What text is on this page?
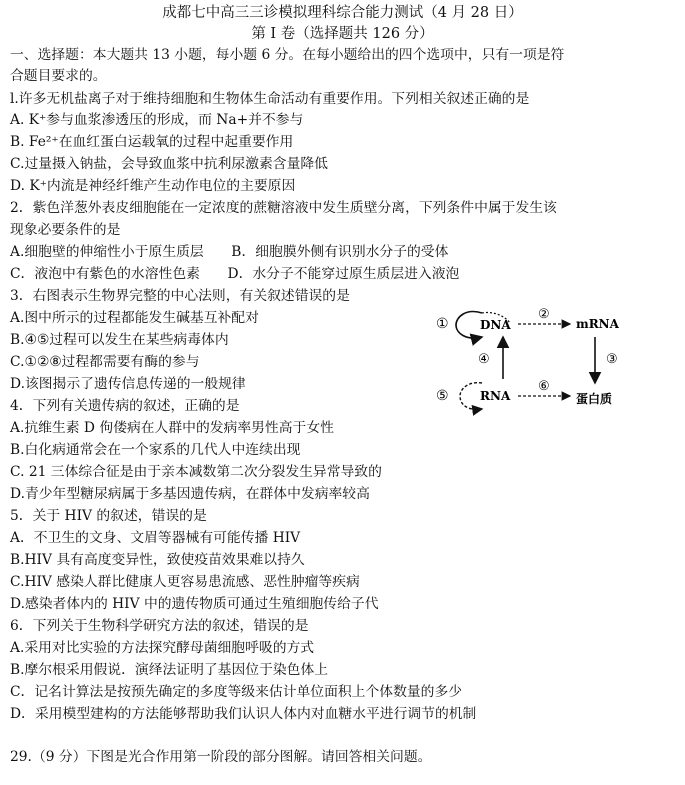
成都七中高三三诊模拟理科综合能力测试（4 月 28 日）
第 I 卷（选择题共 126 分）
一、选择题：本大题共 13 小题，每小题 6 分。在每小题给出的四个选项中，只有一项是符
合题目要求的。
l.许多无机盐离子对于维持细胞和生物体生命活动有重要作用。下列相关叙述正确的是
A. K⁺参与血浆渗透压的形成，而 Na+并不参与
B. Fe²⁺在血红蛋白运载氧的过程中起重要作用
C.过量摄入钠盐，会导致血浆中抗利尿激素含量降低
D. K⁺内流是神经纤维产生动作电位的主要原因
2．紫色洋葱外表皮细胞能在一定浓度的蔗糖溶液中发生质壁分离，下列条件中属于发生该
现象必要条件的是
A.细胞壁的伸缩性小于原生质层　　B．细胞膜外侧有识别水分子的受体
C．液泡中有紫色的水溶性色素　　D．水分子不能穿过原生质层进入液泡
3．右图表示生物界完整的中心法则，有关叙述错误的是
A.图中所示的过程都能发生碱基互补配对
B.④⑤过程可以发生在某些病毒体内
C.①②⑧过程都需要有酶的参与
D.该图揭示了遗传信息传递的一般规律
①	DNA
②
mRNA
④	③
⑤	RNA
⑥
蛋白质
4．下列有关遗传病的叙述，正确的是
A.抗维生素 D 佝偻病在人群中的发病率男性高于女性
B.白化病通常会在一个家系的几代人中连续出现
C. 21 三体综合征是由于亲本减数第二次分裂发生异常导致的
D.青少年型糖尿病属于多基因遗传病，在群体中发病率较高
5．关于 HIV 的叙述，错误的是
A．不卫生的文身、文眉等器械有可能传播 HIV
B.HIV 具有高度变异性，致使疫苗效果难以持久
C.HIV 感染人群比健康人更容易患流感、恶性肿瘤等疾病
D.感染者体内的 HIV 中的遗传物质可通过生殖细胞传给子代
6．下列关于生物科学研究方法的叙述，错误的是
A.采用对比实验的方法探究酵母菌细胞呼吸的方式
B.摩尔根采用假说．演绎法证明了基因位于染色体上
C．记名计算法是按预先确定的多度等级来估计单位面积上个体数量的多少
D．采用模型建构的方法能够帮助我们认识人体内对血糖水平进行调节的机制
29.（9 分）下图是光合作用第一阶段的部分图解。请回答相关问题。
